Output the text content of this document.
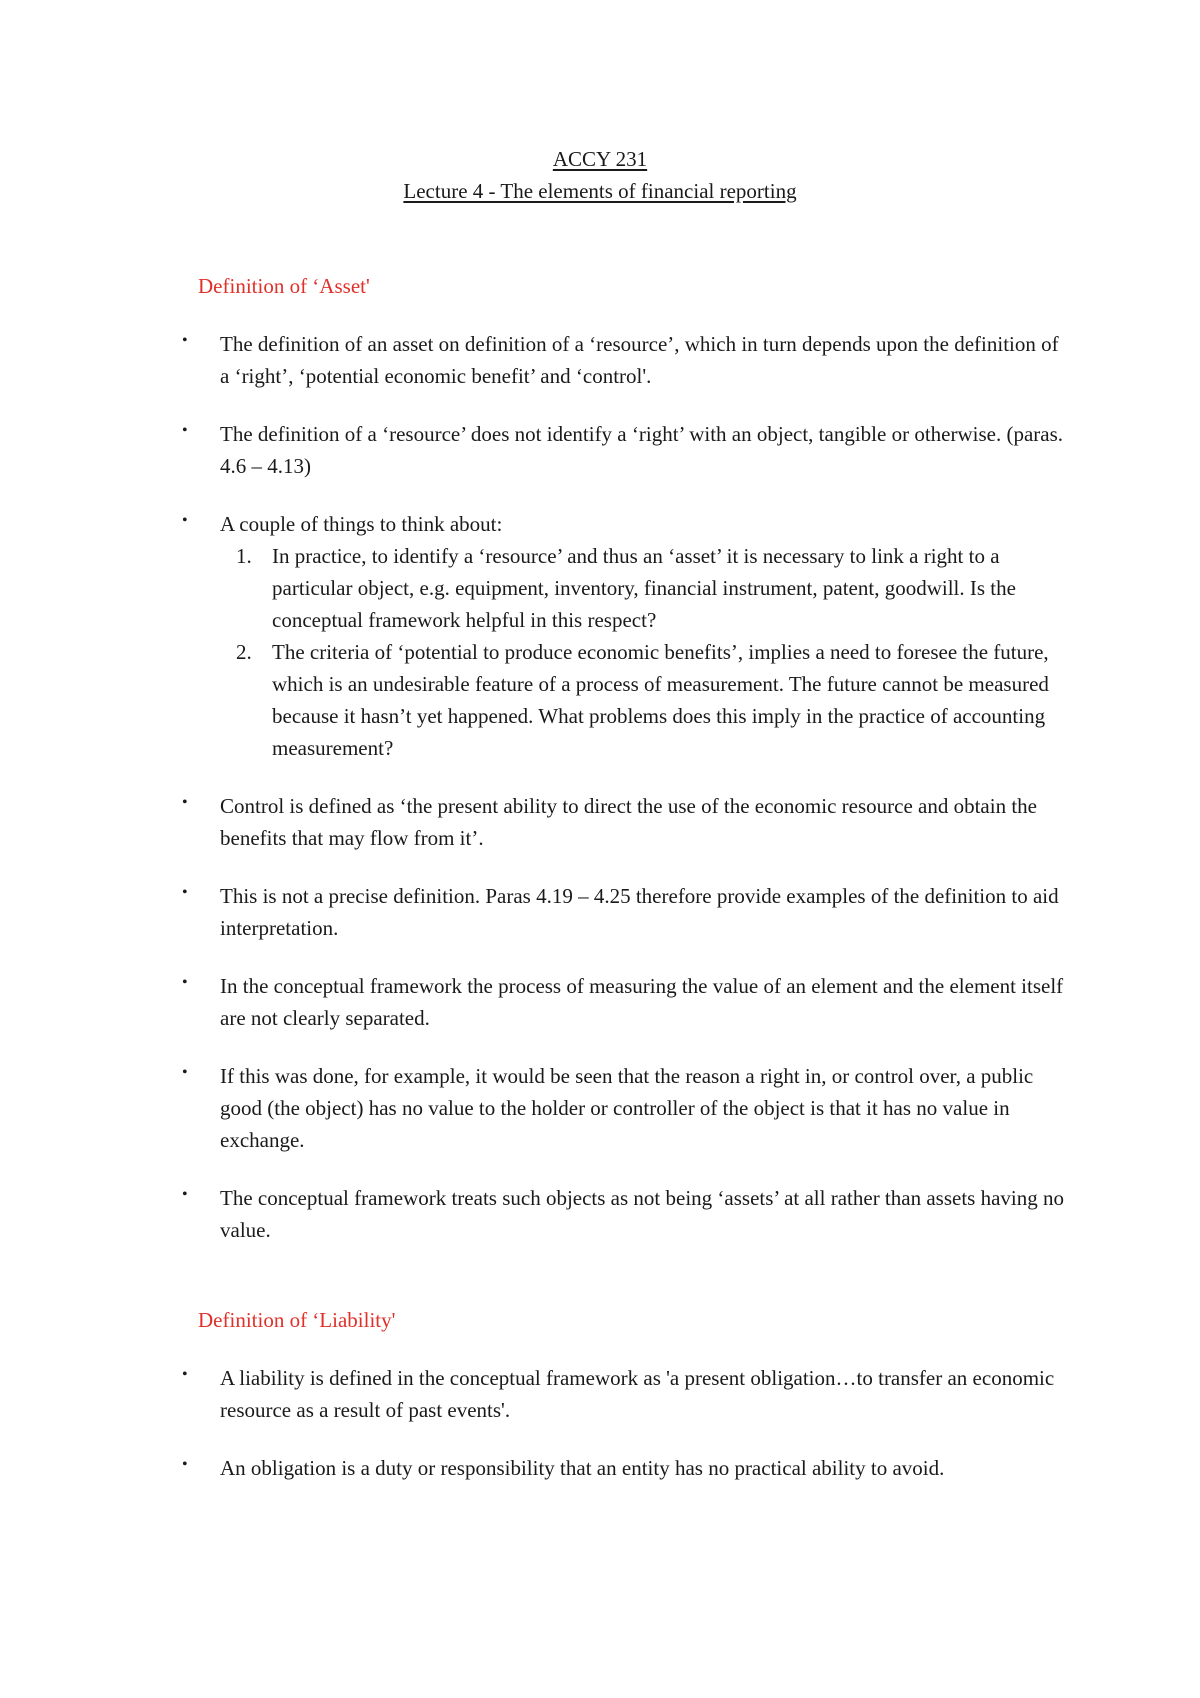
ACCY 231
Lecture 4 - The elements of financial reporting
Definition of ‘Asset'
• The definition of an asset on definition of a ‘resource’, which in turn depends upon the definition of a ‘right’, ‘potential economic benefit’ and ‘control'.
• The definition of a ‘resource’ does not identify a ‘right’ with an object, tangible or otherwise. (paras. 4.6 – 4.13)
• A couple of things to think about:
1. In practice, to identify a ‘resource’ and thus an ‘asset’ it is necessary to link a right to a particular object, e.g. equipment, inventory, financial instrument, patent, goodwill. Is the conceptual framework helpful in this respect?
2. The criteria of ‘potential to produce economic benefits’, implies a need to foresee the future, which is an undesirable feature of a process of measurement. The future cannot be measured because it hasn’t yet happened. What problems does this imply in the practice of accounting measurement?
• Control is defined as ‘the present ability to direct the use of the economic resource and obtain the benefits that may flow from it’.
• This is not a precise definition. Paras 4.19 – 4.25 therefore provide examples of the definition to aid interpretation.
• In the conceptual framework the process of measuring the value of an element and the element itself are not clearly separated.
• If this was done, for example, it would be seen that the reason a right in, or control over, a public good (the object) has no value to the holder or controller of the object is that it has no value in exchange.
• The conceptual framework treats such objects as not being ‘assets’ at all rather than assets having no value.
Definition of ‘Liability'
• A liability is defined in the conceptual framework as 'a present obligation…to transfer an economic resource as a result of past events'.
• An obligation is a duty or responsibility that an entity has no practical ability to avoid.
